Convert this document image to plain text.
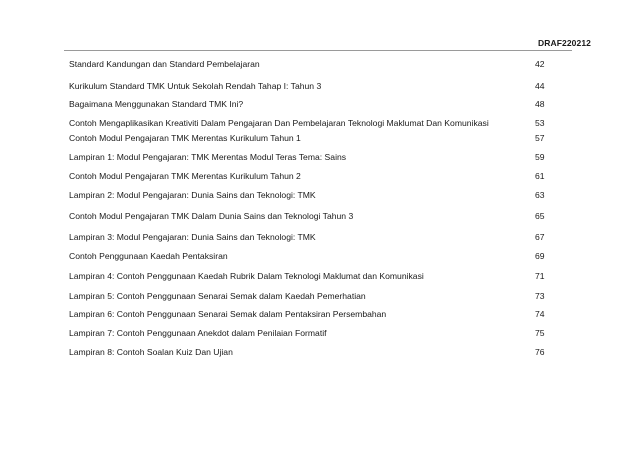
DRAF220212
Standard Kandungan dan Standard Pembelajaran	42
Kurikulum Standard TMK Untuk Sekolah Rendah Tahap I: Tahun 3	44
Bagaimana Menggunakan Standard TMK Ini?	48
Contoh Mengaplikasikan Kreativiti Dalam Pengajaran Dan Pembelajaran Teknologi Maklumat Dan Komunikasi	53
Contoh Modul Pengajaran TMK Merentas Kurikulum Tahun 1	57
Lampiran 1: Modul Pengajaran: TMK Merentas Modul Teras Tema: Sains	59
Contoh Modul Pengajaran TMK Merentas Kurikulum Tahun 2	61
Lampiran 2: Modul Pengajaran: Dunia Sains dan Teknologi: TMK	63
Contoh Modul Pengajaran TMK Dalam Dunia Sains dan Teknologi Tahun 3	65
Lampiran 3: Modul Pengajaran: Dunia Sains dan Teknologi: TMK	67
Contoh Penggunaan Kaedah Pentaksiran	69
Lampiran 4: Contoh Penggunaan Kaedah Rubrik Dalam Teknologi Maklumat dan Komunikasi	71
Lampiran 5: Contoh Penggunaan Senarai Semak dalam Kaedah Pemerhatian	73
Lampiran 6: Contoh Penggunaan Senarai Semak dalam Pentaksiran Persembahan	74
Lampiran 7: Contoh Penggunaan Anekdot dalam Penilaian Formatif	75
Lampiran 8: Contoh Soalan Kuiz Dan Ujian	76
